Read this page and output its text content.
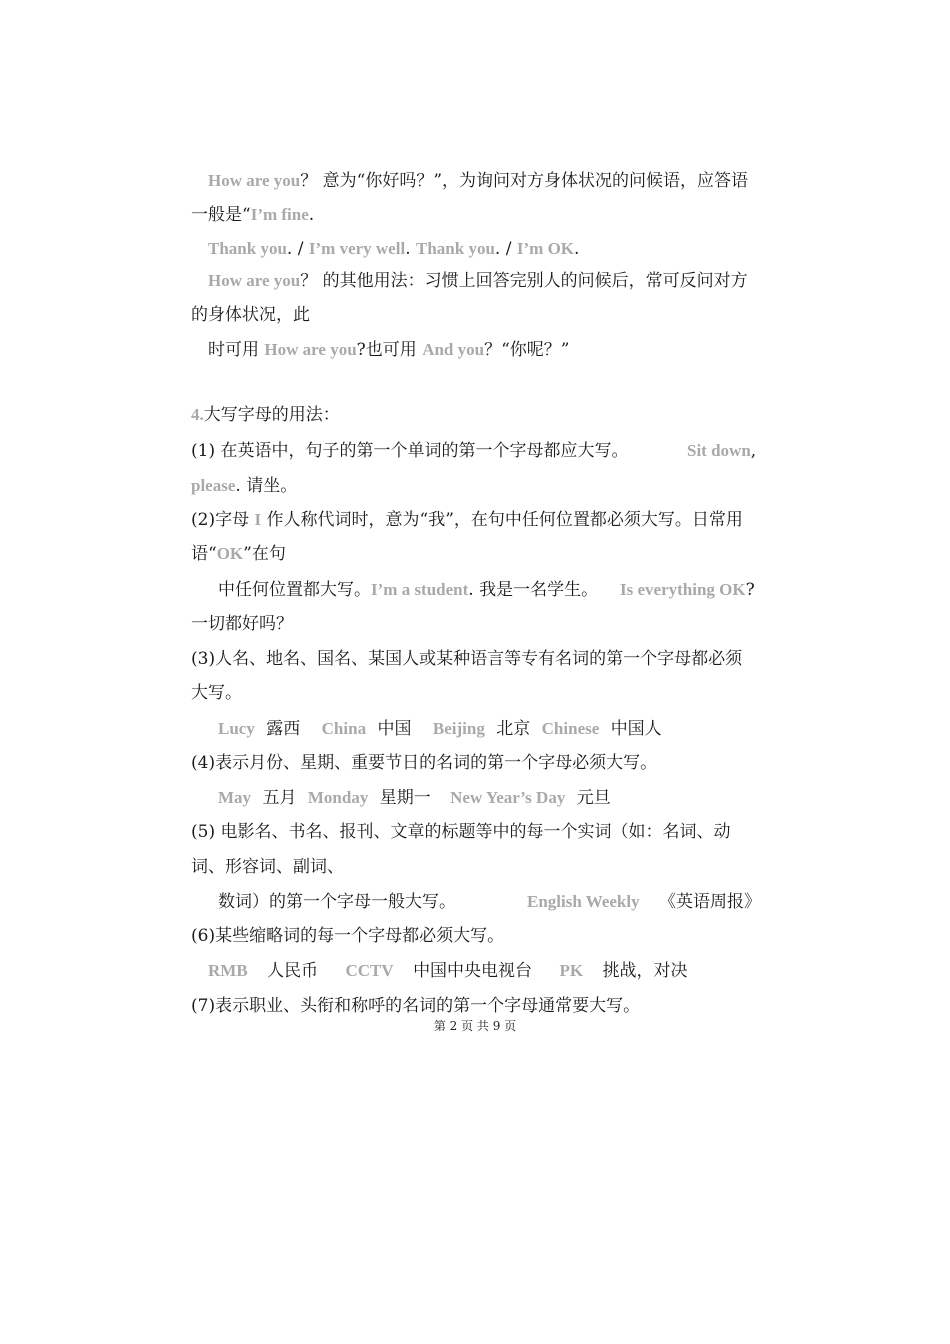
How are you？ 意为“你好吗？”，为询问对方身体状况的问候语，应答语
一般是“I’m fine.
Thank you. / I’m very well. Thank you. / I’m OK.
How are you？ 的其他用法：习惯上回答完别人的问候后，常可反问对方
的身体状况，此
时可用 How are you?也可用 And you？“你呢？”
4.大写字母的用法：
(1) 在英语中，句子的第一个单词的第一个字母都应大写。	Sit down,
please. 请坐。
(2)字母 I 作人称代词时，意为“我”，在句中任何位置都必须大写。日常用
语“OK”在句
中任何位置都大写。I’m a student. 我是一名学生。 Is everything OK?
一切都好吗？
(3)人名、地名、国名、某国人或某种语言等专有名词的第一个字母都必须
大写。
Lucy 露西 China 中国 Beijing 北京 Chinese 中国人
(4)表示月份、星期、重要节日的名词的第一个字母必须大写。
May 五月 Monday 星期一 New Year’s Day 元旦
(5) 电影名、书名、报刊、文章的标题等中的每一个实词（如：名词、动
词、形容词、副词、
数词）的第一个字母一般大写。	English Weekly 《英语周报》
(6)某些缩略词的每一个字母都必须大写。
RMB 人民币 CCTV 中国中央电视台 PK 挑战，对决
(7)表示职业、头衔和称呼的名词的第一个字母通常要大写。
第 2 页 共 9 页
